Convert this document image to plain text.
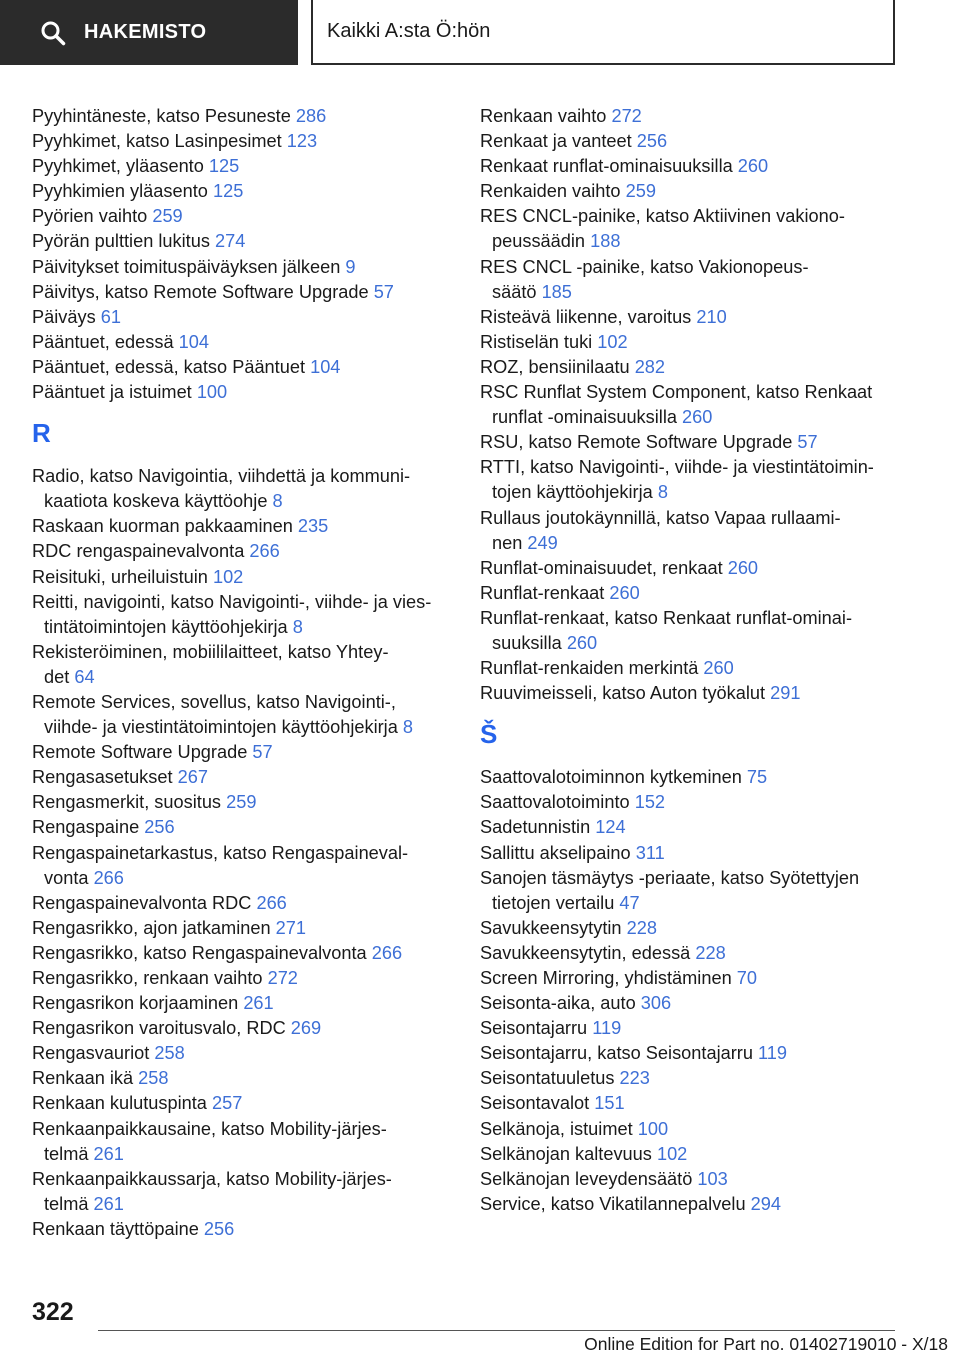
HAKEMISTO	Kaikki A:sta Ö:hön
Pyyhintäneste, katso Pesuneste 286
Pyyhkimet, katso Lasinpesimet 123
Pyyhkimet, yläasento 125
Pyyhkimien yläasento 125
Pyörien vaihto 259
Pyörän pulttien lukitus 274
Päivitykset toimituspäiväyksen jälkeen 9
Päivitys, katso Remote Software Upgrade 57
Päiväys 61
Pääntuet, edessä 104
Pääntuet, edessä, katso Pääntuet 104
Pääntuet ja istuimet 100
R
Radio, katso Navigointia, viihdettä ja kommuni‐
kaatiota koskeva käyttöohje 8
Raskaan kuorman pakkaaminen 235
RDC rengaspainevalvonta 266
Reisituki, urheiluistuin 102
Reitti, navigointi, katso Navigointi-, viihde- ja vies‐
tintätoimintojen käyttöohjekirja 8
Rekisteröiminen, mobiililaitteet, katso Yhtey‐
det 64
Remote Services, sovellus, katso Navigointi-,
viihde- ja viestintätoimintojen käyttöohjekirja 8
Remote Software Upgrade 57
Rengasasetukset 267
Rengasmerkit, suositus 259
Rengaspaine 256
Rengaspainetarkastus, katso Rengaspaineval‐
vonta 266
Rengaspainevalvonta RDC 266
Rengasrikko, ajon jatkaminen 271
Rengasrikko, katso Rengaspainevalvonta 266
Rengasrikko, renkaan vaihto 272
Rengasrikon korjaaminen 261
Rengasrikon varoitusvalo, RDC 269
Rengasvauriot 258
Renkaan ikä 258
Renkaan kulutuspinta 257
Renkaanpaikkausaine, katso Mobility-järjes‐
telmä 261
Renkaanpaikkaussarja, katso Mobility-järjes‐
telmä 261
Renkaan täyttöpaine 256
Renkaan vaihto 272
Renkaat ja vanteet 256
Renkaat runflat-ominaisuuksilla 260
Renkaiden vaihto 259
RES CNCL-painike, katso Aktiivinen vakiono‐
peussäädin 188
RES CNCL -painike, katso Vakionopeus‐
säätö 185
Risteävä liikenne, varoitus 210
Ristiselän tuki 102
ROZ, bensiinilaatu 282
RSC Runflat System Component, katso Renkaat
runflat -ominaisuuksilla 260
RSU, katso Remote Software Upgrade 57
RTTI, katso Navigointi-, viihde- ja viestintätoimin‐
tojen käyttöohjekirja 8
Rullaus joutokäynnillä, katso Vapaa rullaami‐
nen 249
Runflat-ominaisuudet, renkaat 260
Runflat-renkaat 260
Runflat-renkaat, katso Renkaat runflat-ominai‐
suuksilla 260
Runflat-renkaiden merkintä 260
Ruuvimeisseli, katso Auton työkalut 291
Š
Saattovalotoiminnon kytkeminen 75
Saattovalotoiminto 152
Sadetunnistin 124
Sallittu akselipaino 311
Sanojen täsmäytys -periaate, katso Syötettyjen
tietojen vertailu 47
Savukkeensytytin 228
Savukkeensytytin, edessä 228
Screen Mirroring, yhdistäminen 70
Seisonta-aika, auto 306
Seisontajarru 119
Seisontajarru, katso Seisontajarru 119
Seisontatuuletus 223
Seisontavalot 151
Selkänoja, istuimet 100
Selkänojan kaltevuus 102
Selkänojan leveydensäätö 103
Service, katso Vikatilannepalvelu 294
322
Online Edition for Part no. 01402719010 - X/18
